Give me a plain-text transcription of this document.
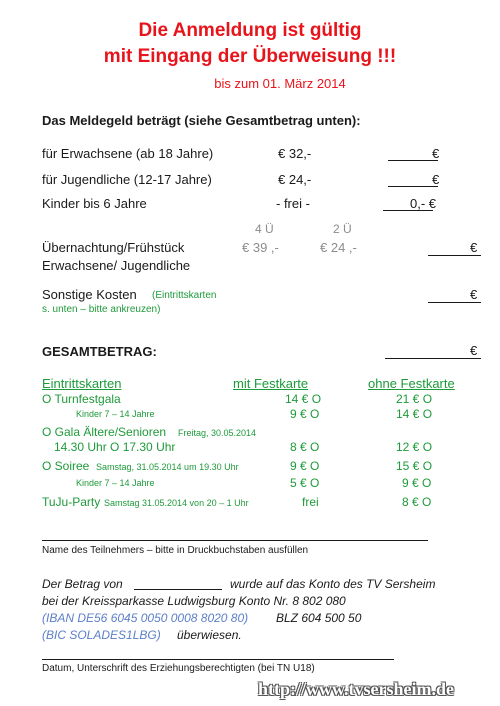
Die Anmeldung ist gültig
mit Eingang der Überweisung !!!
bis zum 01. März 2014
Das Meldegeld beträgt (siehe Gesamtbetrag unten):
für Erwachsene (ab 18 Jahre)	€ 32,-	€
für Jugendliche (12-17 Jahre)	€ 24,-	€
Kinder bis 6 Jahre	- frei -	0,- €
4 Ü	2 Ü
Übernachtung/Frühstück	€ 39 ,-	€ 24 ,-	€
Erwachsene/ Jugendliche
Sonstige Kosten (Eintrittskarten
s. unten – bitte ankreuzen)
€
GESAMTBETRAG:	€
Eintrittskarten	mit Festkarte	ohne Festkarte
O Turnfestgala	14 € O	21 € O
Kinder 7 – 14 Jahre	9 € O	14 € O
O Gala Ältere/Senioren Freitag, 30.05.2014
14.30 Uhr O 17.30 Uhr	8 € O	12 € O
O Soiree Samstag, 31.05.2014 um 19.30 Uhr	9 € O	15 € O
Kinder 7 – 14 Jahre	5 € O	9 € O
TuJu-Party Samstag 31.05.2014 von 20 – 1 Uhr	frei	8 € O
Name des Teilnehmers – bitte in Druckbuchstaben ausfüllen
Der Betrag von	wurde auf das Konto des TV Sersheim
bei der Kreissparkasse Ludwigsburg Konto Nr. 8 802 080
(IBAN DE56 6045 0050 0008 8020 80) BLZ 604 500 50
(BIC SOLADES1LBG) überwiesen.
Datum, Unterschrift des Erziehungsberechtigten (bei TN U18)
http://www.tvsersheim.de
